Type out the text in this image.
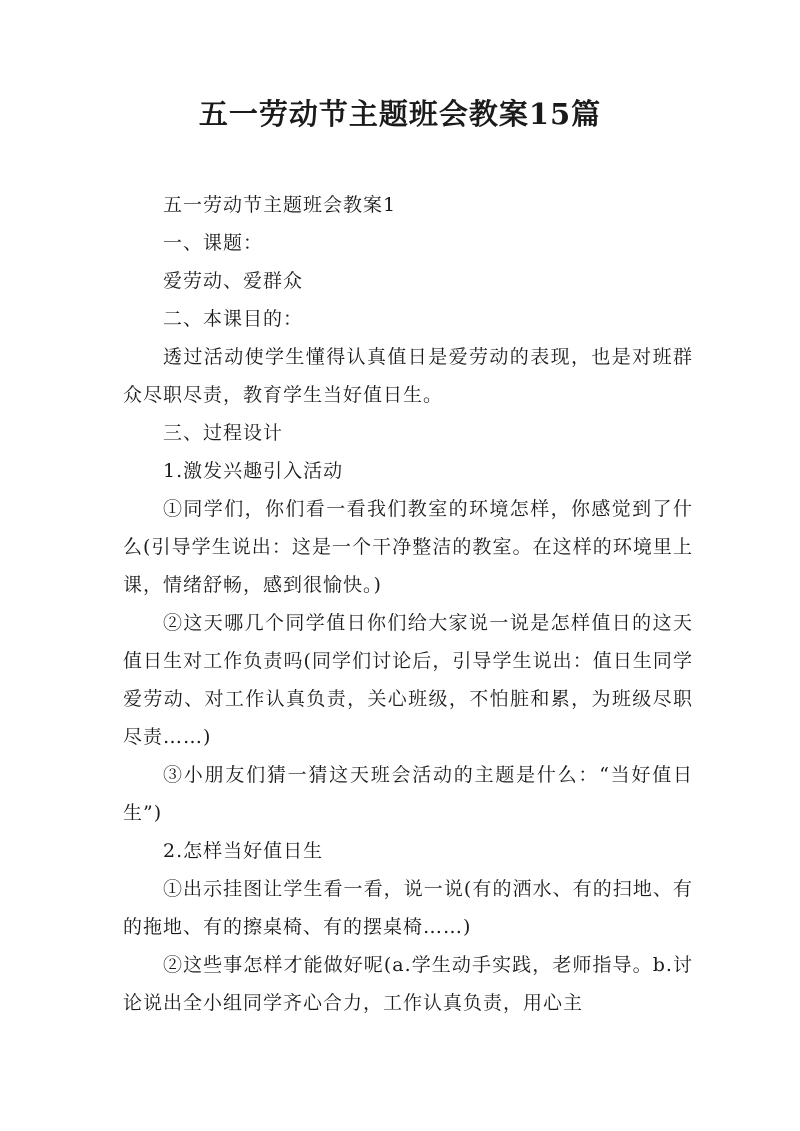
五一劳动节主题班会教案15篇

五一劳动节主题班会教案1

一、课题：

爱劳动、爱群众

二、本课目的：

透过活动使学生懂得认真值日是爱劳动的表现，也是对班群众尽职尽责，教育学生当好值日生。

三、过程设计

1.激发兴趣引入活动

①同学们，你们看一看我们教室的环境怎样，你感觉到了什么(引导学生说出：这是一个干净整洁的教室。在这样的环境里上课，情绪舒畅，感到很愉快。)

②这天哪几个同学值日你们给大家说一说是怎样值日的这天值日生对工作负责吗(同学们讨论后，引导学生说出：值日生同学爱劳动、对工作认真负责，关心班级，不怕脏和累，为班级尽职尽责……)

③小朋友们猜一猜这天班会活动的主题是什么：“当好值日生”)

2.怎样当好值日生

①出示挂图让学生看一看，说一说(有的洒水、有的扫地、有的拖地、有的擦桌椅、有的摆桌椅……)

②这些事怎样才能做好呢(a.学生动手实践，老师指导。b.讨论说出全小组同学齐心合力，工作认真负责，用心主
